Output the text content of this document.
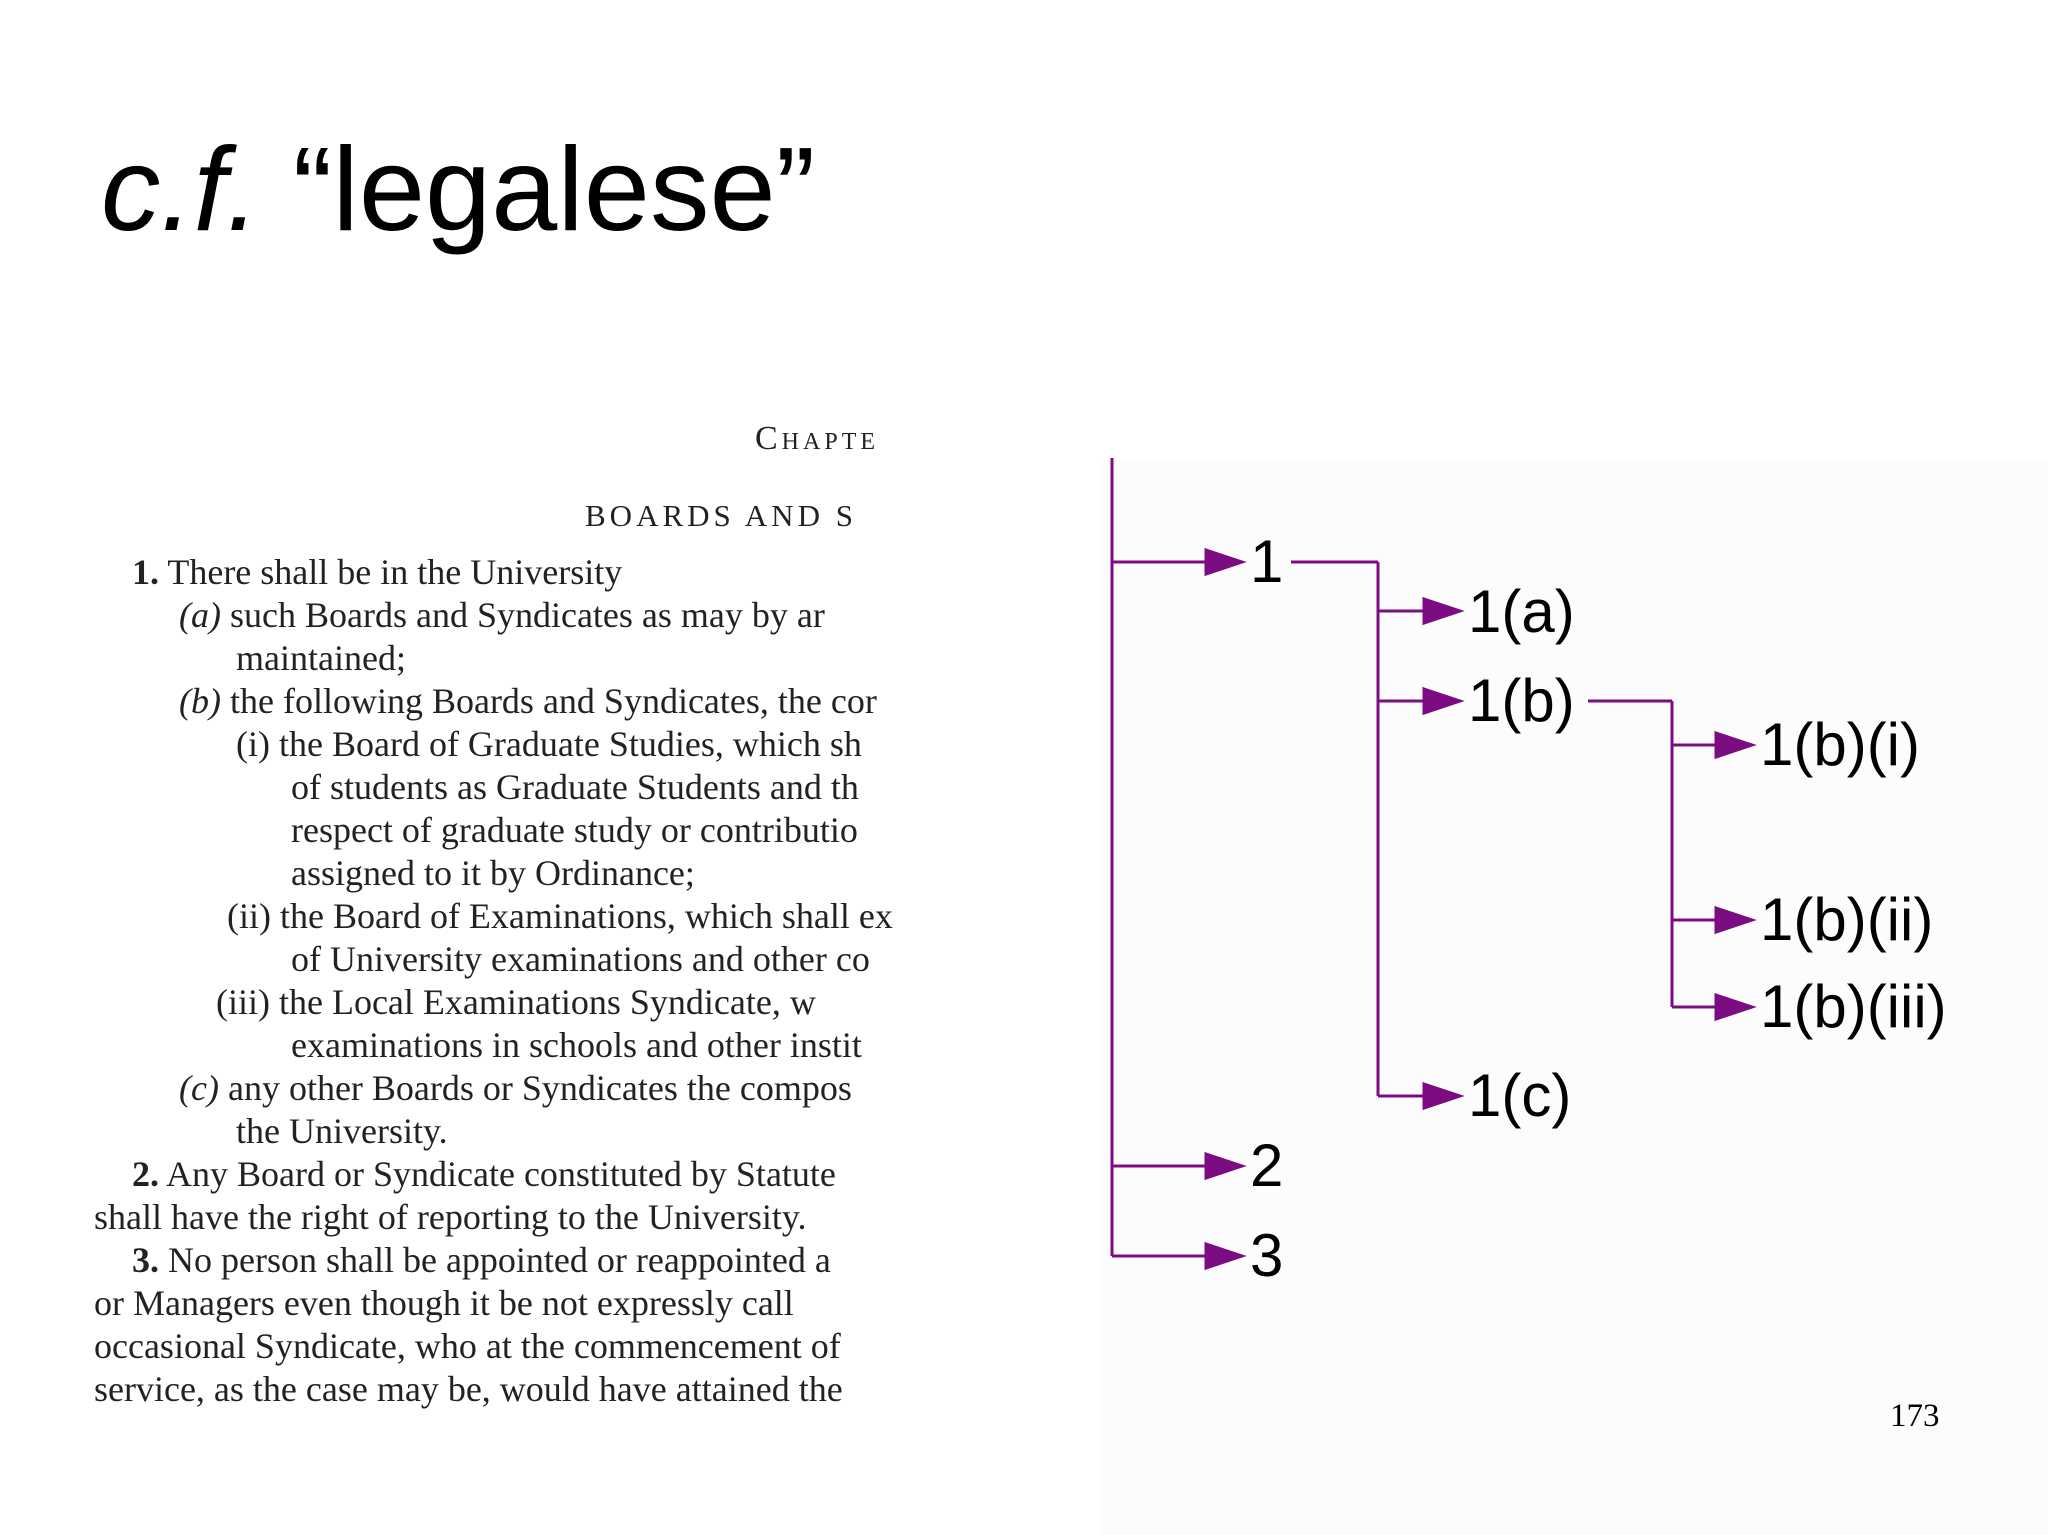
c.f. “legalese”
Chapte
BOARDS AND S
1. There shall be in the University
(a) such Boards and Syndicates as may by ar
maintained;
(b) the following Boards and Syndicates, the cor
(i) the Board of Graduate Studies, which sh
of students as Graduate Students and th
respect of graduate study or contributio
assigned to it by Ordinance;
(ii) the Board of Examinations, which shall ex
of University examinations and other co
(iii) the Local Examinations Syndicate, w
examinations in schools and other instit
(c) any other Boards or Syndicates the compos
the University.
2. Any Board or Syndicate constituted by Statute
shall have the right of reporting to the University.
3. No person shall be appointed or reappointed a
or Managers even though it be not expressly call
occasional Syndicate, who at the commencement of
service, as the case may be, would have attained the
1
1(a)
1(b)
1(b)(i)
1(b)(ii)
1(b)(iii)
1(c)
2
3
173
